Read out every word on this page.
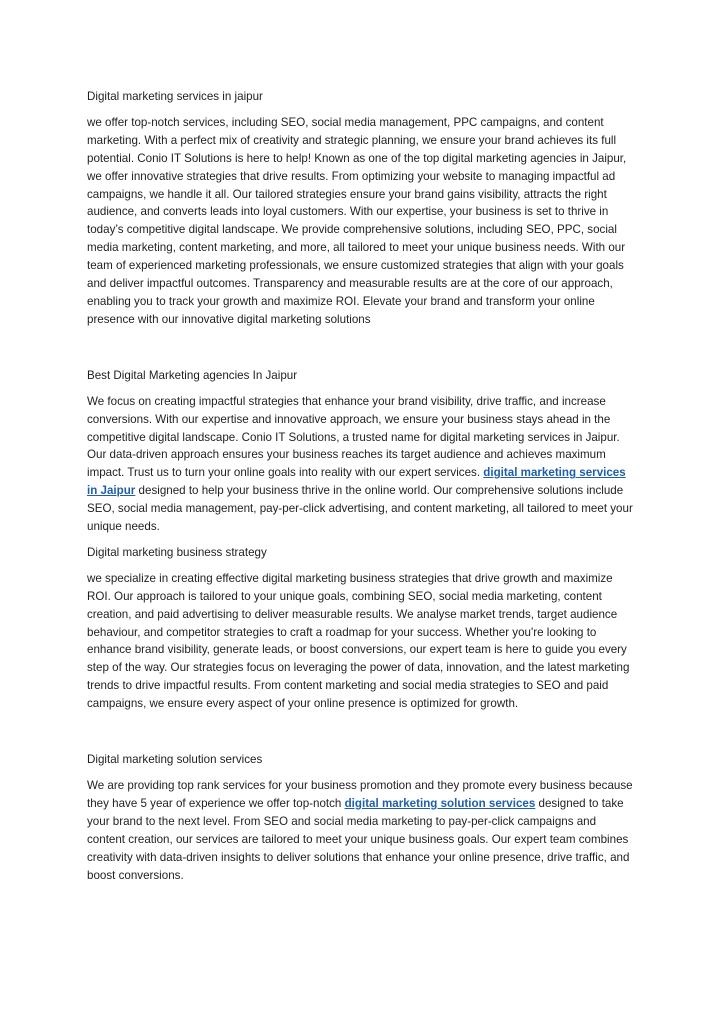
Digital marketing services in jaipur
we offer top-notch services, including SEO, social media management, PPC campaigns, and content marketing. With a perfect mix of creativity and strategic planning, we ensure your brand achieves its full potential. Conio IT Solutions is here to help! Known as one of the top digital marketing agencies in Jaipur, we offer innovative strategies that drive results. From optimizing your website to managing impactful ad campaigns, we handle it all. Our tailored strategies ensure your brand gains visibility, attracts the right audience, and converts leads into loyal customers. With our expertise, your business is set to thrive in today’s competitive digital landscape. We provide comprehensive solutions, including SEO, PPC, social media marketing, content marketing, and more, all tailored to meet your unique business needs. With our team of experienced marketing professionals, we ensure customized strategies that align with your goals and deliver impactful outcomes. Transparency and measurable results are at the core of our approach, enabling you to track your growth and maximize ROI. Elevate your brand and transform your online presence with our innovative digital marketing solutions
Best Digital Marketing agencies In Jaipur
We focus on creating impactful strategies that enhance your brand visibility, drive traffic, and increase conversions. With our expertise and innovative approach, we ensure your business stays ahead in the competitive digital landscape. Conio IT Solutions, a trusted name for digital marketing services in Jaipur. Our data-driven approach ensures your business reaches its target audience and achieves maximum impact. Trust us to turn your online goals into reality with our expert services. digital marketing services in Jaipur designed to help your business thrive in the online world. Our comprehensive solutions include SEO, social media management, pay-per-click advertising, and content marketing, all tailored to meet your unique needs.
Digital marketing business strategy
we specialize in creating effective digital marketing business strategies that drive growth and maximize ROI. Our approach is tailored to your unique goals, combining SEO, social media marketing, content creation, and paid advertising to deliver measurable results. We analyse market trends, target audience behaviour, and competitor strategies to craft a roadmap for your success. Whether you're looking to enhance brand visibility, generate leads, or boost conversions, our expert team is here to guide you every step of the way. Our strategies focus on leveraging the power of data, innovation, and the latest marketing trends to drive impactful results. From content marketing and social media strategies to SEO and paid campaigns, we ensure every aspect of your online presence is optimized for growth.
Digital marketing solution services
We are providing top rank services for your business promotion and they promote every business because they have 5 year of experience we offer top-notch digital marketing solution services designed to take your brand to the next level. From SEO and social media marketing to pay-per-click campaigns and content creation, our services are tailored to meet your unique business goals. Our expert team combines creativity with data-driven insights to deliver solutions that enhance your online presence, drive traffic, and boost conversions.
